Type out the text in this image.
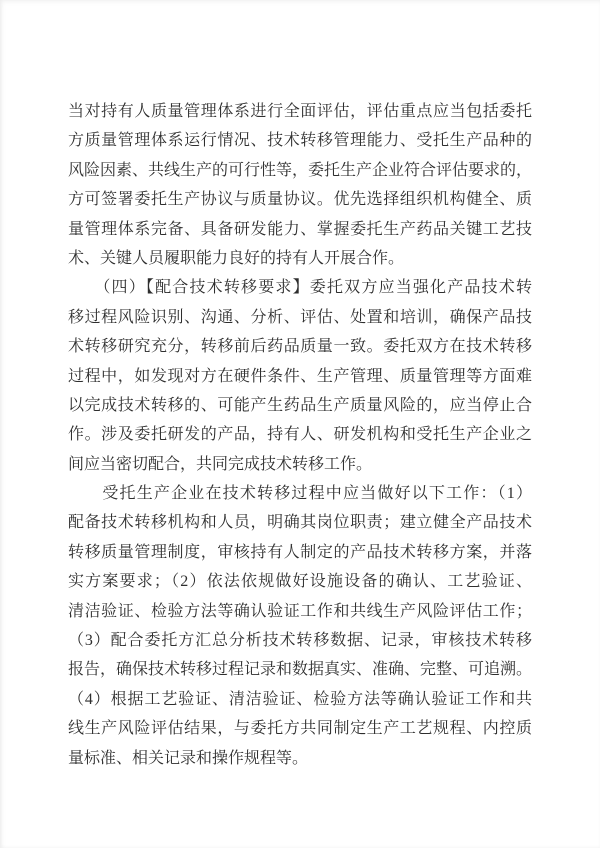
当对持有人质量管理体系进行全面评估，评估重点应当包括委托
方质量管理体系运行情况、技术转移管理能力、受托生产品种的
风险因素、共线生产的可行性等，委托生产企业符合评估要求的，
方可签署委托生产协议与质量协议。优先选择组织机构健全、质
量管理体系完备、具备研发能力、掌握委托生产药品关键工艺技
术、关键人员履职能力良好的持有人开展合作。
　　（四）【配合技术转移要求】委托双方应当强化产品技术转
移过程风险识别、沟通、分析、评估、处置和培训，确保产品技
术转移研究充分，转移前后药品质量一致。委托双方在技术转移
过程中，如发现对方在硬件条件、生产管理、质量管理等方面难
以完成技术转移的、可能产生药品生产质量风险的，应当停止合
作。涉及委托研发的产品，持有人、研发机构和受托生产企业之
间应当密切配合，共同完成技术转移工作。
　　受托生产企业在技术转移过程中应当做好以下工作：（1）
配备技术转移机构和人员，明确其岗位职责；建立健全产品技术
转移质量管理制度，审核持有人制定的产品技术转移方案，并落
实方案要求；（2）依法依规做好设施设备的确认、工艺验证、
清洁验证、检验方法等确认验证工作和共线生产风险评估工作；
（3）配合委托方汇总分析技术转移数据、记录，审核技术转移
报告，确保技术转移过程记录和数据真实、准确、完整、可追溯。
（4）根据工艺验证、清洁验证、检验方法等确认验证工作和共
线生产风险评估结果，与委托方共同制定生产工艺规程、内控质
量标准、相关记录和操作规程等。
